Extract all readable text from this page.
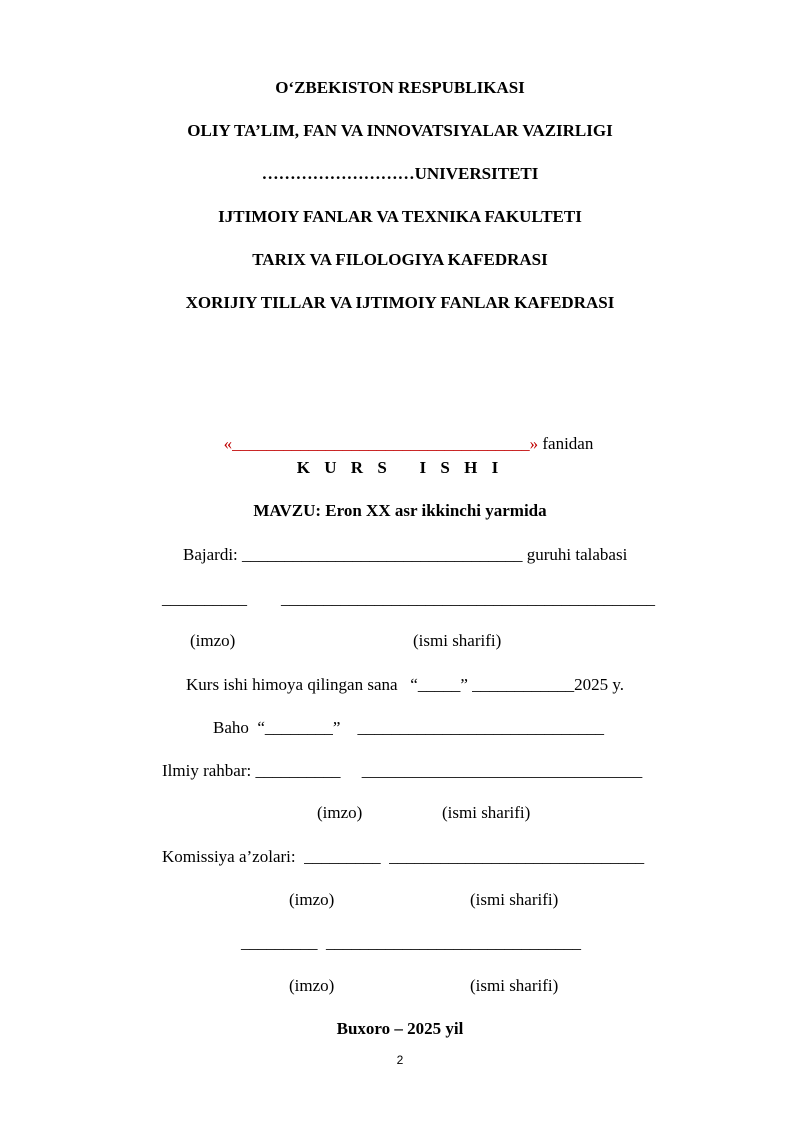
O‘ZBEKISTON RESPUBLIKASI
OLIY TA’LIM, FAN VA INNOVATSIYALAR VAZIRLIGI
………………………UNIVERSITETI
IJTIMOIY FANLAR VA TEXNIKA FAKULTETI
TARIX VA FILOLOGIYA KAFEDRASI
XORIJIY TILLAR VA IJTIMOIY FANLAR KAFEDRASI

«___________________________________» fanidan

K U R S   I S H I
MAVZU: Eron XX asr ikkinchi yarmida
Bajardi: _________________________________ guruhi talabasi
__________ ____________________________________________
(imzo)	(ismi sharifi)
Kurs ishi himoya qilingan sana   “_____” ____________2025 y.
Baho  “________”    _____________________________
Ilmiy rahbar: __________     _________________________________
(imzo)	(ismi sharifi)
Komissiya a’zolari:  _________  ______________________________
(imzo)	(ismi sharifi)
_________  ______________________________
(imzo)	(ismi sharifi)
Buxoro – 2025 yil
2
